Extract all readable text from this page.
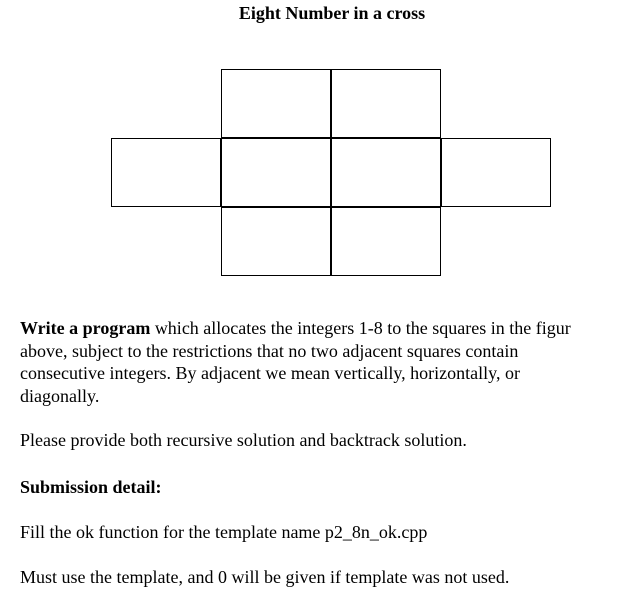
Eight Number in a cross
Write a program which allocates the integers 1-8 to the squares in the figur
above, subject to the restrictions that no two adjacent squares contain
consecutive integers. By adjacent we mean vertically, horizontally, or
diagonally.
Please provide both recursive solution and backtrack solution.
Submission detail:
Fill the ok function for the template name p2_8n_ok.cpp
Must use the template, and 0 will be given if template was not used.
